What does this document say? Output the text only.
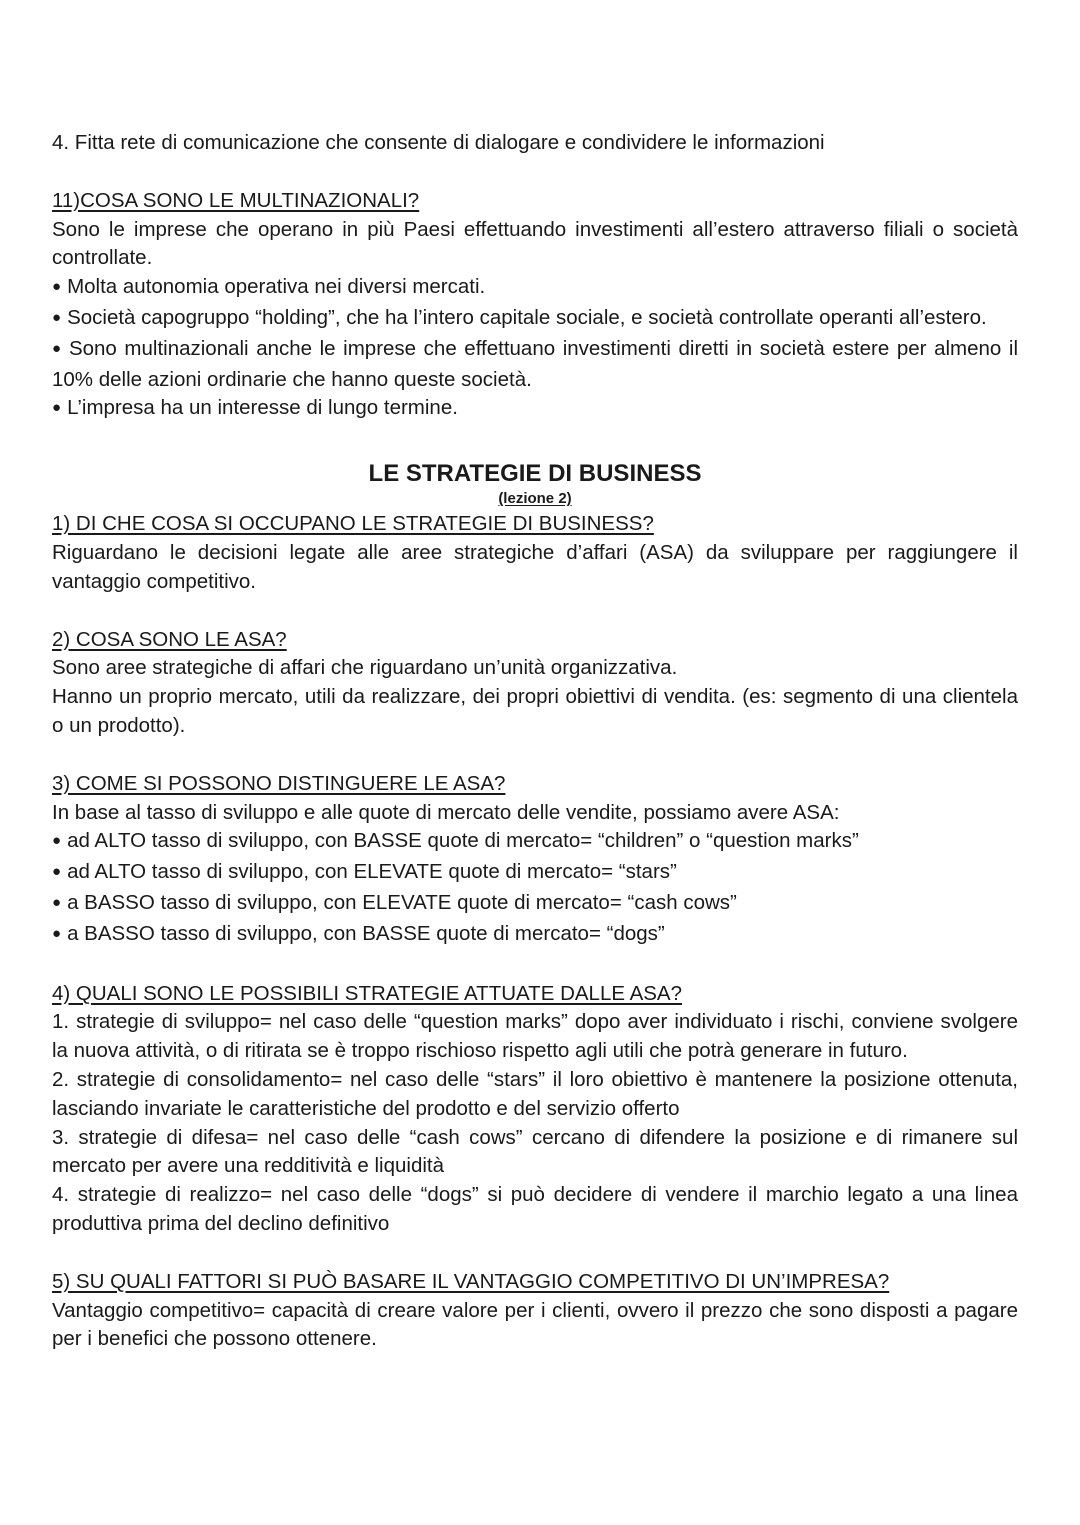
4. Fitta rete di comunicazione che consente di dialogare e condividere le informazioni

11)COSA SONO LE MULTINAZIONALI?

Sono le imprese che operano in più Paesi effettuando investimenti all’estero attraverso filiali o società controllate.

● Molta autonomia operativa nei diversi mercati.

● Società capogruppo “holding”, che ha l’intero capitale sociale, e società controllate operanti all’estero.

● Sono multinazionali anche le imprese che effettuano investimenti diretti in società estere per almeno il 10% delle azioni ordinarie che hanno queste società.

● L’impresa ha un interesse di lungo termine.

LE STRATEGIE DI BUSINESS

(lezione 2)

1) DI CHE COSA SI OCCUPANO LE STRATEGIE DI BUSINESS?

Riguardano le decisioni legate alle aree strategiche d’affari (ASA) da sviluppare per raggiungere il vantaggio competitivo.

2) COSA SONO LE ASA?

Sono aree strategiche di affari che riguardano un’unità organizzativa.

Hanno un proprio mercato, utili da realizzare, dei propri obiettivi di vendita. (es: segmento di una clientela o un prodotto).

3) COME SI POSSONO DISTINGUERE LE ASA?

In base al tasso di sviluppo e alle quote di mercato delle vendite, possiamo avere ASA:

● ad ALTO tasso di sviluppo, con BASSE quote di mercato= “children” o “question marks”

● ad ALTO tasso di sviluppo, con ELEVATE quote di mercato= “stars”

● a BASSO tasso di sviluppo, con ELEVATE quote di mercato= “cash cows”

● a BASSO tasso di sviluppo, con BASSE quote di mercato= “dogs”

4) QUALI SONO LE POSSIBILI STRATEGIE ATTUATE DALLE ASA?

1. strategie di sviluppo= nel caso delle “question marks” dopo aver individuato i rischi, conviene svolgere la nuova attività, o di ritirata se è troppo rischioso rispetto agli utili che potrà generare in futuro.

2. strategie di consolidamento= nel caso delle “stars” il loro obiettivo è mantenere la posizione ottenuta, lasciando invariate le caratteristiche del prodotto e del servizio offerto

3. strategie di difesa= nel caso delle “cash cows” cercano di difendere la posizione e di rimanere sul mercato per avere una redditività e liquidità

4. strategie di realizzo= nel caso delle “dogs” si può decidere di vendere il marchio legato a una linea produttiva prima del declino definitivo

5) SU QUALI FATTORI SI PUÒ BASARE IL VANTAGGIO COMPETITIVO DI UN’IMPRESA?

Vantaggio competitivo= capacità di creare valore per i clienti, ovvero il prezzo che sono disposti a pagare per i benefici che possono ottenere.
